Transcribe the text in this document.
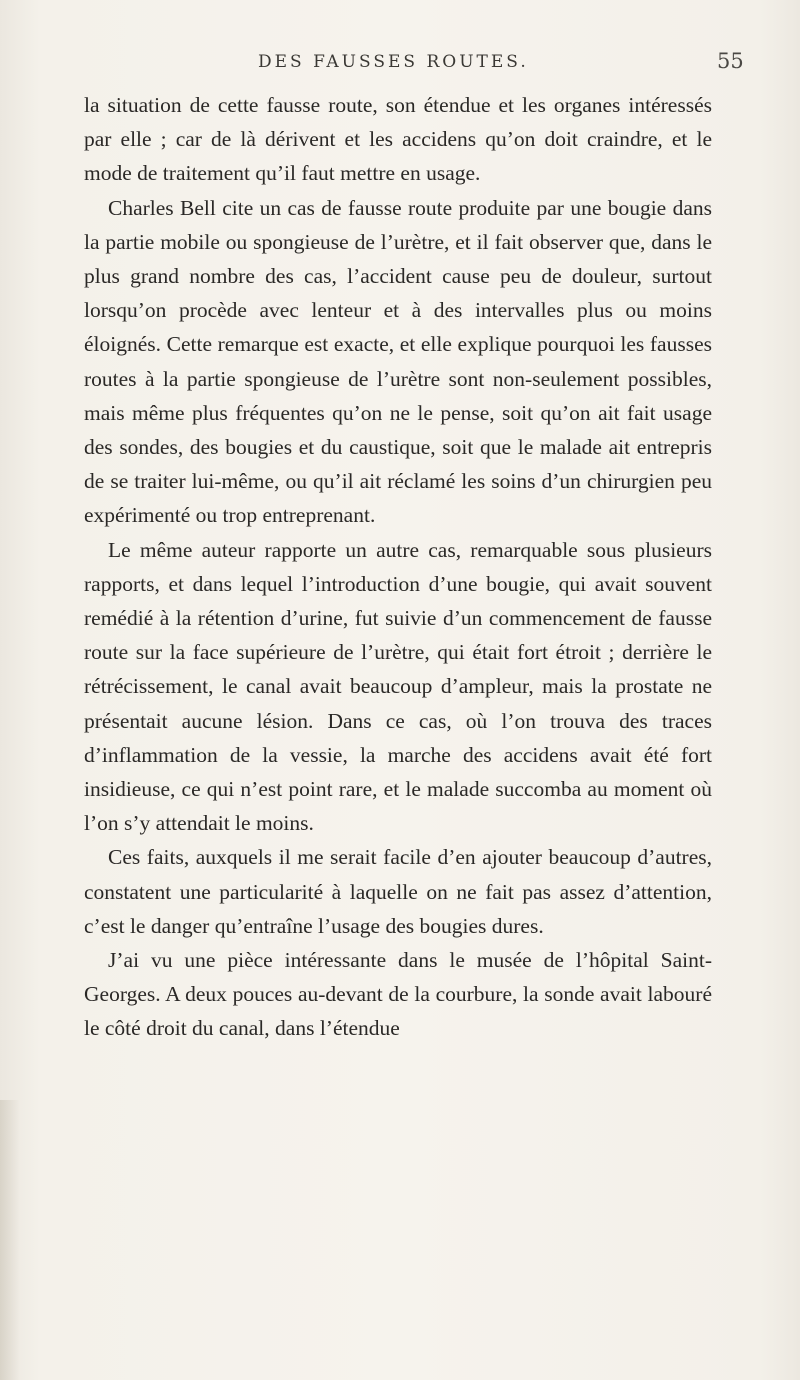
DES FAUSSES ROUTES.	55

la situation de cette fausse route, son étendue et les organes intéressés par elle ; car de là dérivent et les accidens qu’on doit craindre, et le mode de traitement qu’il faut mettre en usage.

Charles Bell cite un cas de fausse route produite par une bougie dans la partie mobile ou spongieuse de l’urètre, et il fait observer que, dans le plus grand nombre des cas, l’accident cause peu de douleur, surtout lorsqu’on procède avec lenteur et à des intervalles plus ou moins éloignés. Cette remarque est exacte, et elle explique pourquoi les fausses routes à la partie spongieuse de l’urètre sont non-seulement possibles, mais même plus fréquentes qu’on ne le pense, soit qu’on ait fait usage des sondes, des bougies et du caustique, soit que le malade ait entrepris de se traiter lui-même, ou qu’il ait réclamé les soins d’un chirurgien peu expérimenté ou trop entreprenant.

Le même auteur rapporte un autre cas, remarquable sous plusieurs rapports, et dans lequel l’introduction d’une bougie, qui avait souvent remédié à la rétention d’urine, fut suivie d’un commencement de fausse route sur la face supérieure de l’urètre, qui était fort étroit ; derrière le rétrécissement, le canal avait beaucoup d’ampleur, mais la prostate ne présentait aucune lésion. Dans ce cas, où l’on trouva des traces d’inflammation de la vessie, la marche des accidens avait été fort insidieuse, ce qui n’est point rare, et le malade succomba au moment où l’on s’y attendait le moins.

Ces faits, auxquels il me serait facile d’en ajouter beaucoup d’autres, constatent une particularité à laquelle on ne fait pas assez d’attention, c’est le danger qu’entraîne l’usage des bougies dures.

J’ai vu une pièce intéressante dans le musée de l’hôpital Saint-Georges. A deux pouces au-devant de la courbure, la sonde avait labouré le côté droit du canal, dans l’étendue
